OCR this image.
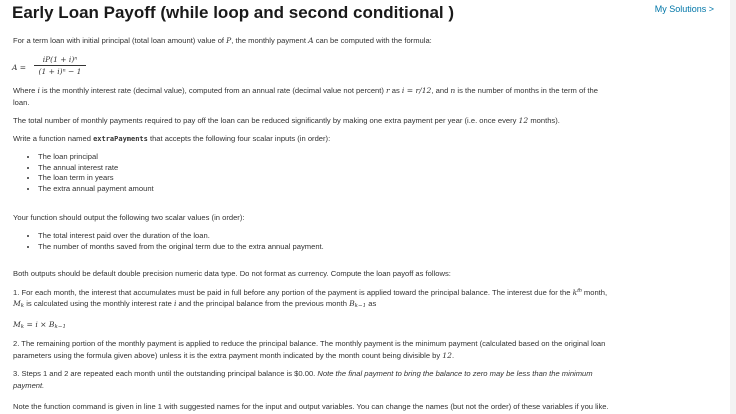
Early Loan Payoff (while loop and second conditional )	My Solutions >
For a term loan with initial principal (total loan amount) value of P, the monthly payment A can be computed with the formula:
A =
iP(1 + i)ⁿ
(1 + i)ⁿ − 1
Where i is the monthly interest rate (decimal value), computed from an annual rate (decimal value not percent) r as i = r/12, and n is the number of months in the term of the
loan.
The total number of monthly payments required to pay off the loan can be reduced significantly by making one extra payment per year (i.e. once every 12 months).
Write a function named extraPayments that accepts the following four scalar inputs (in order):
• The loan principal
• The annual interest rate
• The loan term in years
• The extra annual payment amount
Your function should output the following two scalar values (in order):
• The total interest paid over the duration of the loan.
• The number of months saved from the original term due to the extra annual payment.
Both outputs should be default double precision numeric data type. Do not format as currency. Compute the loan payoff as follows:
1. For each month, the interest that accumulates must be paid in full before any portion of the payment is applied toward the principal balance. The interest due for the $k^{th}$ month,
Mk is calculated using the monthly interest rate i and the principal balance from the previous month Bk−1 as
Mk = i × Bk−1
2. The remaining portion of the monthly payment is applied to reduce the principal balance. The monthly payment is the minimum payment (calculated based on the original loan
parameters using the formula given above) unless it is the extra payment month indicated by the month count being divisible by 12.
3. Steps 1 and 2 are repeated each month until the outstanding principal balance is $0.00. Note the final payment to bring the balance to zero may be less than the minimum
payment.
Note the function command is given in line 1 with suggested names for the input and output variables. You can change the names (but not the order) of these variables if you like.
